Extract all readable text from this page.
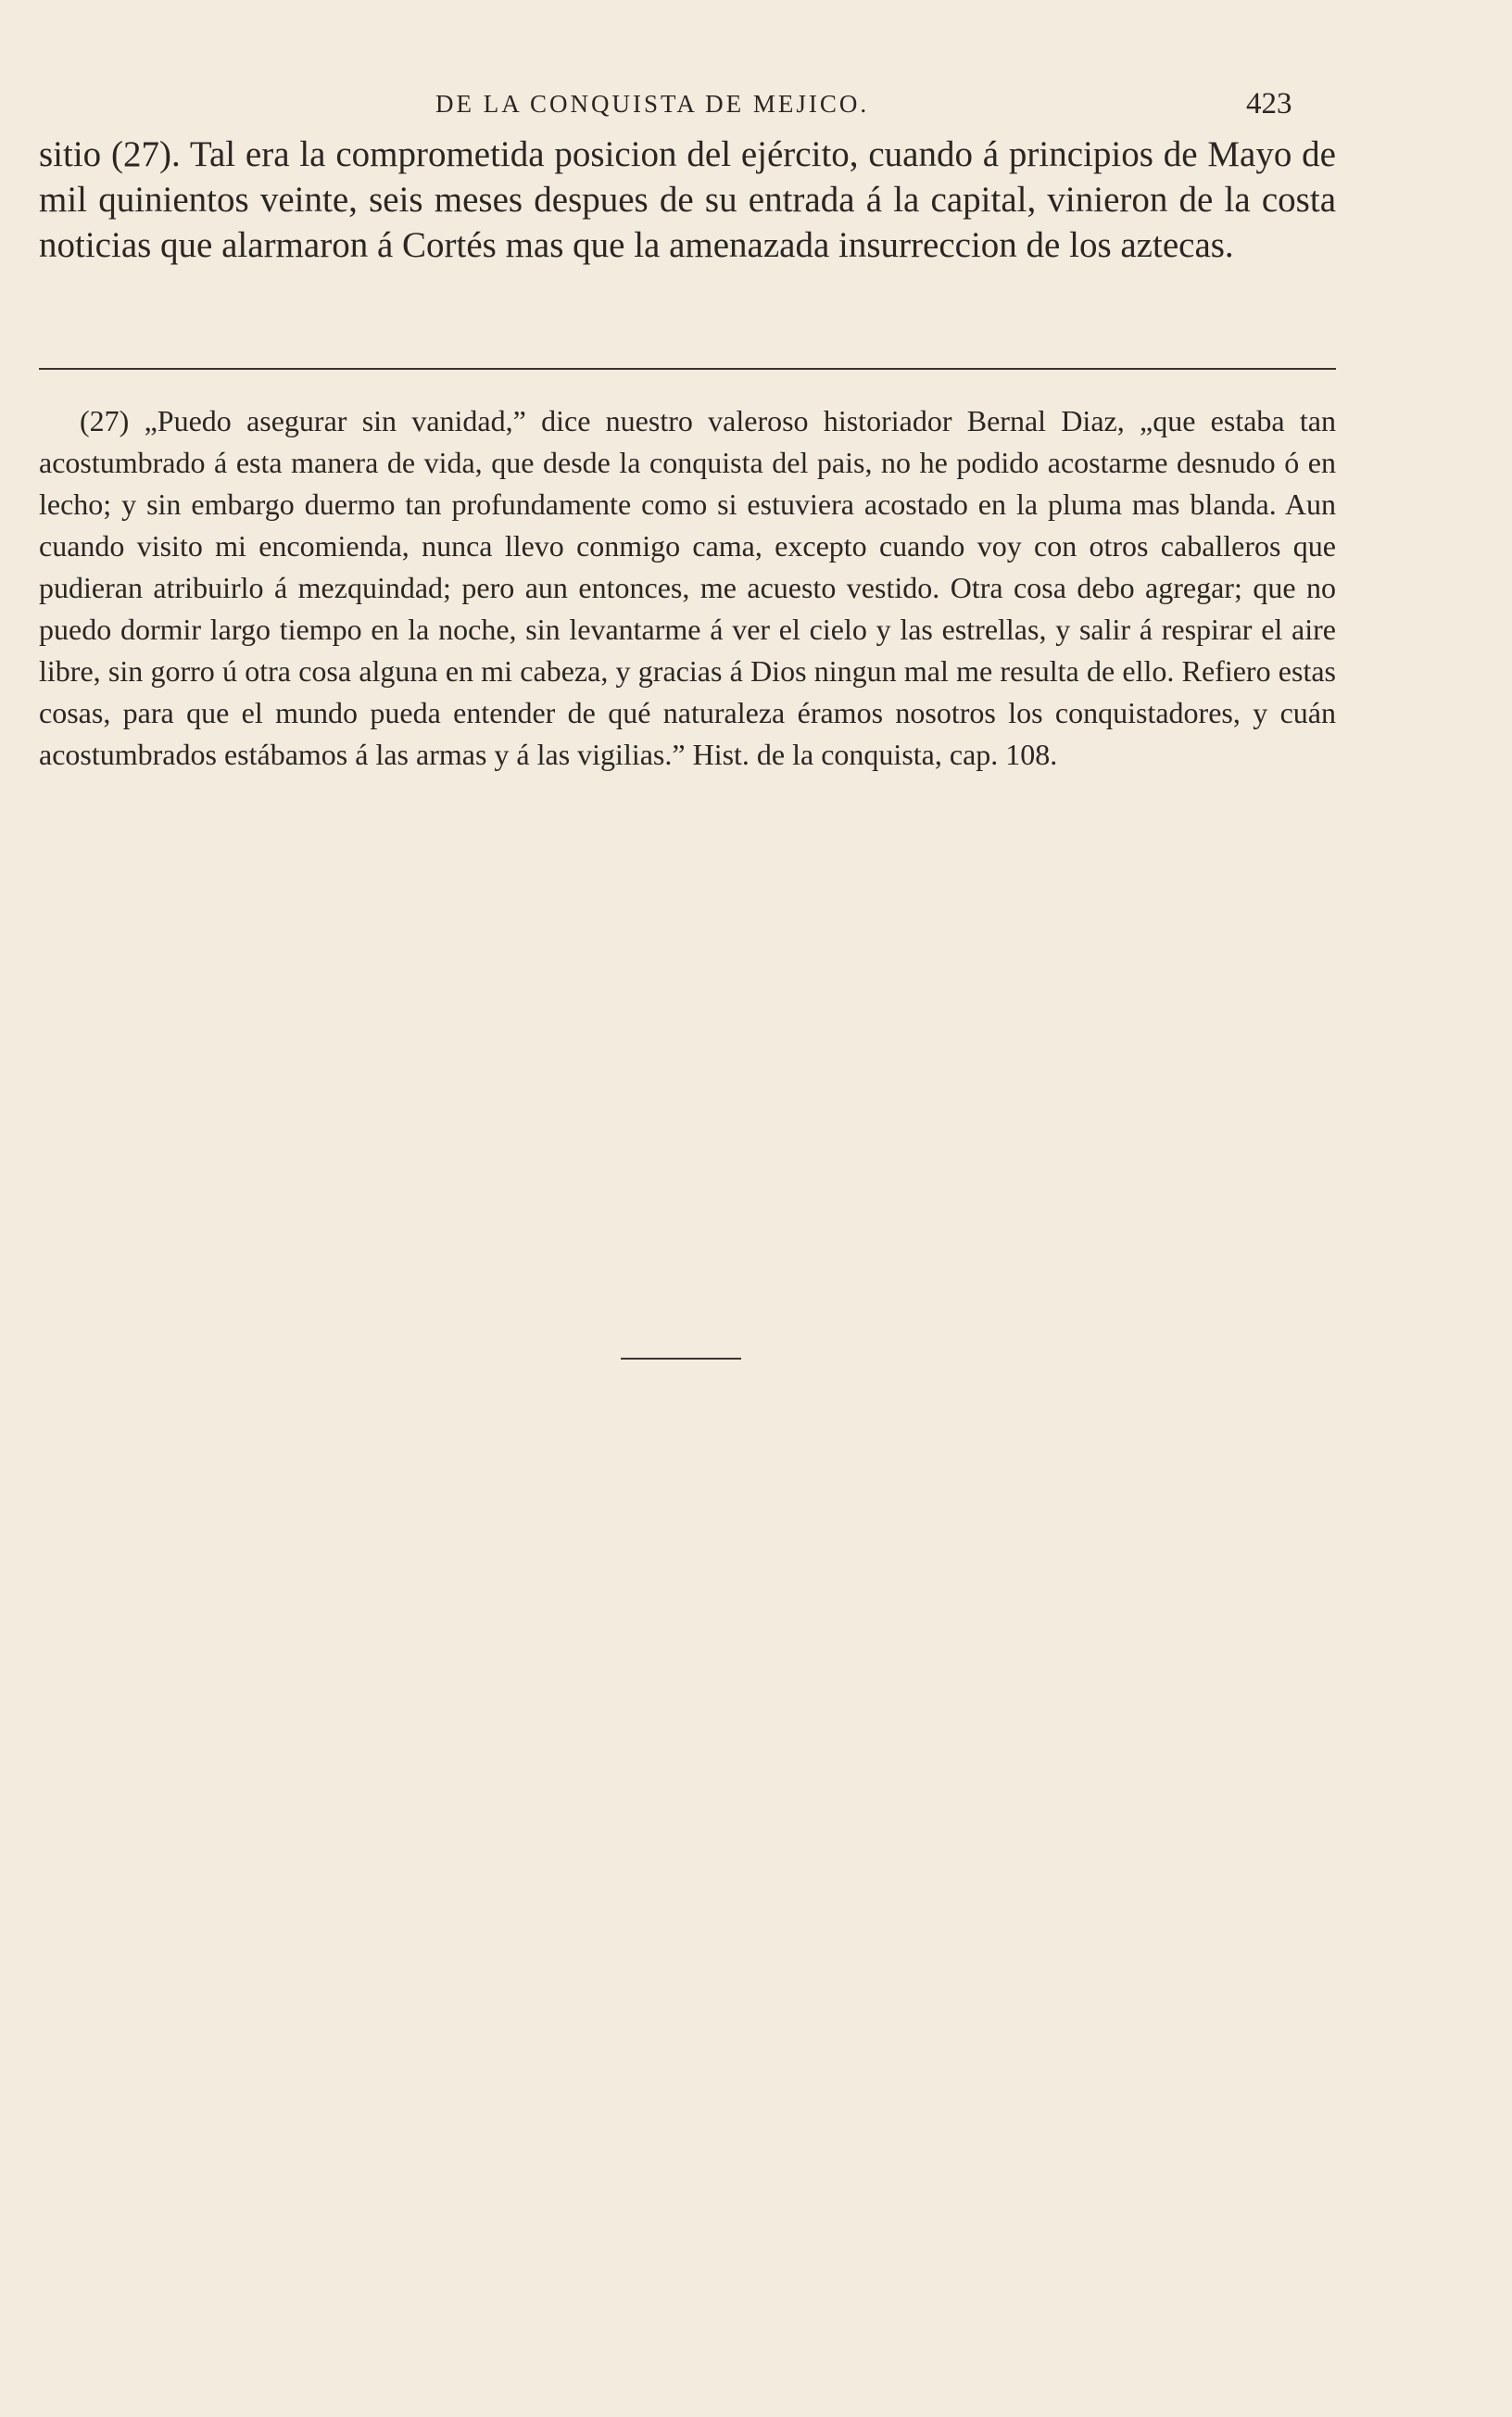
DE LA CONQUISTA DE MEJICO.	423

sitio (27). Tal era la comprometida posicion del ejército, cuando á principios de Mayo de mil quinientos veinte, seis meses despues de su entrada á la capital, vinieron de la costa noticias que alarmaron á Cortés mas que la amenazada insurreccion de los aztecas.

(27) „Puedo asegurar sin vanidad,” dice nuestro valeroso historiador Bernal Diaz, „que estaba tan acostumbrado á esta manera de vida, que desde la conquista del pais, no he podido acostarme desnudo ó en lecho; y sin embargo duermo tan profundamente como si estuviera acostado en la pluma mas blanda. Aun cuando visito mi encomienda, nunca llevo conmigo cama, excepto cuando voy con otros caballeros que pudieran atribuirlo á mezquindad; pero aun entonces, me acuesto vestido. Otra cosa debo agregar; que no puedo dormir largo tiempo en la noche, sin levantarme á ver el cielo y las estrellas, y salir á respirar el aire libre, sin gorro ú otra cosa alguna en mi cabeza, y gracias á Dios ningun mal me resulta de ello. Refiero estas cosas, para que el mundo pueda entender de qué naturaleza éramos nosotros los conquistadores, y cuán acostumbrados estábamos á las armas y á las vigilias.” Hist. de la conquista, cap. 108.
